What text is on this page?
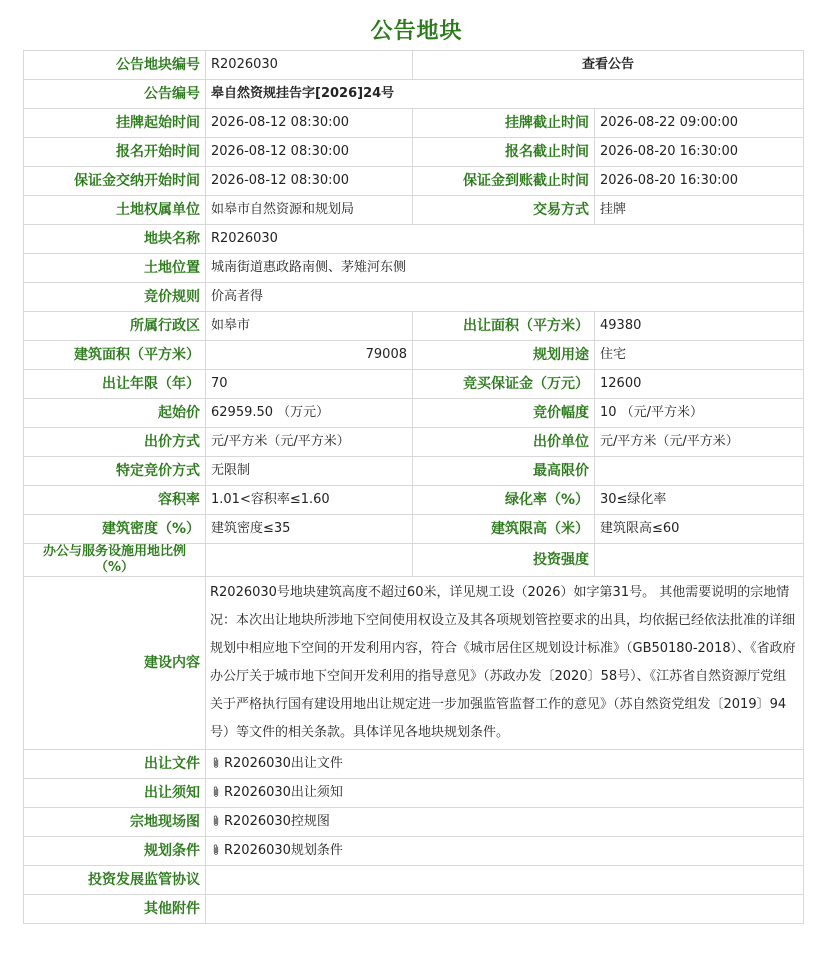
公告地块
公告地块编号	R2026030	查看公告	
公告编号	皋自然资规挂告字[2026]24号		
挂牌起始时间	2026-08-12 08:30:00	挂牌截止时间	2026-08-22 09:00:00
报名开始时间	2026-08-12 08:30:00	报名截止时间	2026-08-20 16:30:00
保证金交纳开始时间	2026-08-12 08:30:00	保证金到账截止时间	2026-08-20 16:30:00
土地权属单位	如皋市自然资源和规划局	交易方式	挂牌
地块名称	R2026030		
土地位置	城南街道惠政路南侧、茅雉河东侧		
竞价规则	价高者得		
所属行政区	如皋市	出让面积（平方米）	49380
建筑面积（平方米）	79008	规划用途	住宅
出让年限（年）	70	竞买保证金（万元）	12600
起始价	62959.50 （万元）	竞价幅度	10 （元/平方米）
出价方式	元/平方米（元/平方米）	出价单位	元/平方米（元/平方米）
特定竞价方式	无限制	最高限价	
容积率	1.01<容积率≤1.60	绿化率（%）	30≤绿化率
建筑密度（%）	建筑密度≤35	建筑限高（米）	建筑限高≤60
办公与服务设施用地比例（%）		投资强度	
建设内容	R2026030号地块建筑高度不超过60米，详见规工设（2026）如字第31号。 其他需要说明的宗地情况：本次出让地块所涉地下空间使用权设立及其各项规划管控要求的出具，均依据已经依法批准的详细规划中相应地下空间的开发利用内容，符合《城市居住区规划设计标准》（GB50180-2018）、《省政府办公厅关于城市地下空间开发利用的指导意见》（苏政办发〔2020〕58号）、《江苏省自然资源厅党组关于严格执行国有建设用地出让规定进一步加强监管监督工作的意见》（苏自然资党组发〔2019〕94号）等文件的相关条款。具体详见各地块规划条件。		
出让文件	R2026030出让文件		
出让须知	R2026030出让须知		
宗地现场图	R2026030控规图		
规划条件	R2026030规划条件		
投资发展监管协议			
其他附件			
